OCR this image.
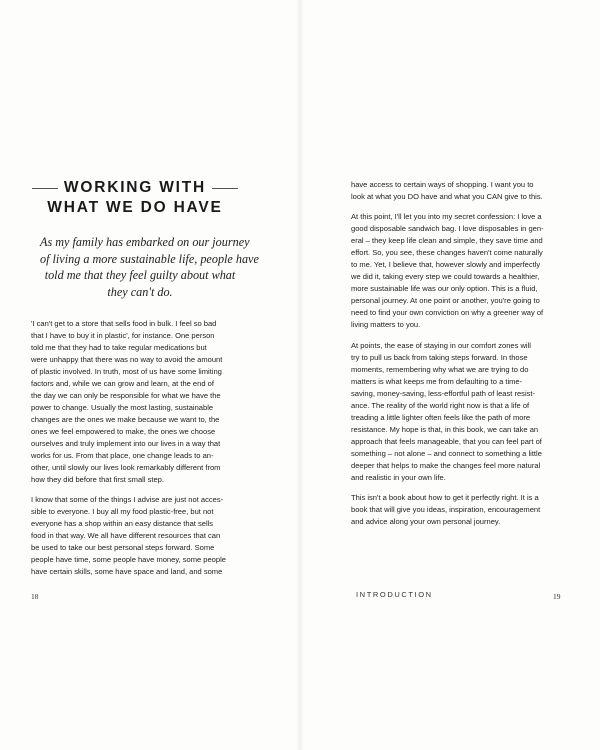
WORKING WITH
WHAT WE DO HAVE
As my family has embarked on our journey
of living a more sustainable life, people have
told me that they feel guilty about what
they can't do.
'I can't get to a store that sells food in bulk. I feel so bad
that I have to buy it in plastic', for instance. One person
told me that they had to take regular medications but
were unhappy that there was no way to avoid the amount
of plastic involved. In truth, most of us have some limiting
factors and, while we can grow and learn, at the end of
the day we can only be responsible for what we have the
power to change. Usually the most lasting, sustainable
changes are the ones we make because we want to, the
ones we feel empowered to make, the ones we choose
ourselves and truly implement into our lives in a way that
works for us. From that place, one change leads to an-
other, until slowly our lives look remarkably different from
how they did before that first small step.
I know that some of the things I advise are just not acces-
sible to everyone. I buy all my food plastic-free, but not
everyone has a shop within an easy distance that sells
food in that way. We all have different resources that can
be used to take our best personal steps forward. Some
people have time, some people have money, some people
have certain skills, some have space and land, and some
18
have access to certain ways of shopping. I want you to
look at what you DO have and what you CAN give to this.
At this point, I'll let you into my secret confession: I love a
good disposable sandwich bag. I love disposables in gen-
eral – they keep life clean and simple, they save time and
effort. So, you see, these changes haven't come naturally
to me. Yet, I believe that, however slowly and imperfectly
we did it, taking every step we could towards a healthier,
more sustainable life was our only option. This is a fluid,
personal journey. At one point or another, you're going to
need to find your own conviction on why a greener way of
living matters to you.
At points, the ease of staying in our comfort zones will
try to pull us back from taking steps forward. In those
moments, remembering why what we are trying to do
matters is what keeps me from defaulting to a time-
saving, money-saving, less-effortful path of least resist-
ance. The reality of the world right now is that a life of
treading a little lighter often feels like the path of more
resistance. My hope is that, in this book, we can take an
approach that feels manageable, that you can feel part of
something – not alone – and connect to something a little
deeper that helps to make the changes feel more natural
and realistic in your own life.
This isn't a book about how to get it perfectly right. It is a
book that will give you ideas, inspiration, encouragement
and advice along your own personal journey.
INTRODUCTION	19
